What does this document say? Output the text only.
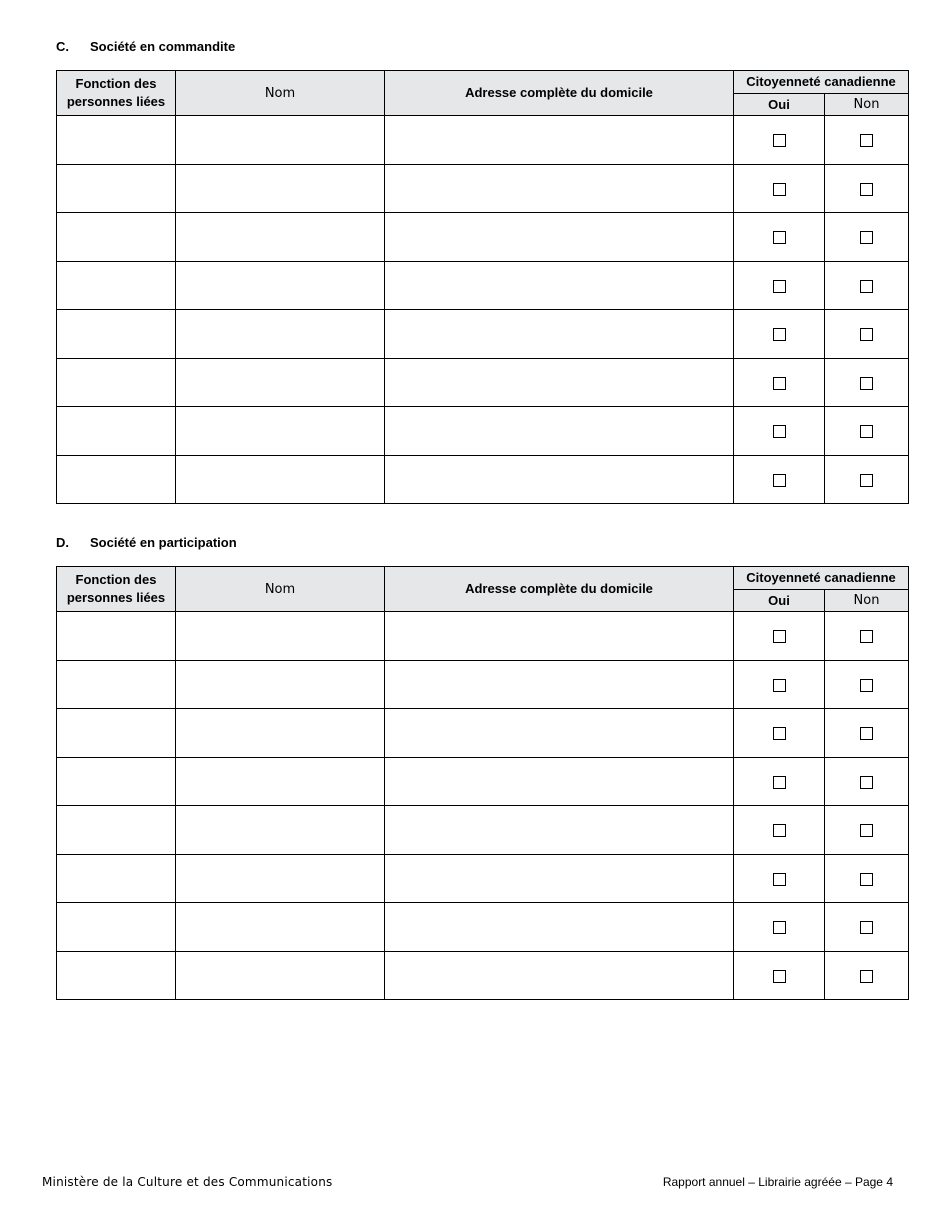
C. Société en commandite
Fonction des personnes liées	Nom	Adresse complète du domicile	Citoyenneté canadienne	
			Oui	Non

D. Société en participation
Fonction des personnes liées	Nom	Adresse complète du domicile	Citoyenneté canadienne	
			Oui	Non

Ministère de la Culture et des Communications	Rapport annuel – Librairie agréée – Page 4
